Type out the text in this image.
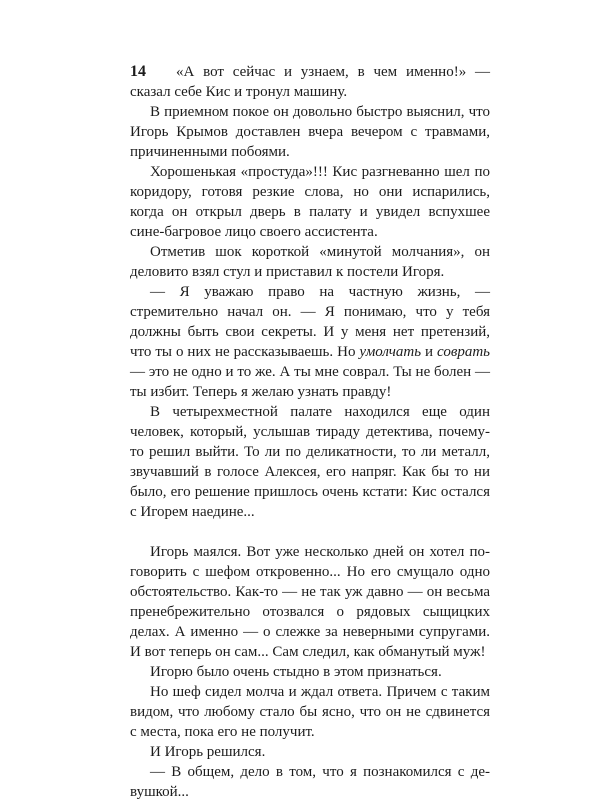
14	«А вот сейчас и узнаем, в чем именно!» — сказал себе Кис и тронул машину.

В приемном покое он довольно быстро выяснил, что Игорь Крымов доставлен вчера вечером с травмами, причиненными побоями.

Хорошенькая «простуда»!!! Кис разгневанно шел по коридору, готовя резкие слова, но они испарились, когда он открыл дверь в палату и увидел вспухшее сине-багровое лицо своего ассистента.

Отметив шок короткой «минутой молчания», он деловито взял стул и приставил к постели Игоря.

— Я уважаю право на частную жизнь, — стремительно начал он. — Я понимаю, что у тебя должны быть свои секреты. И у меня нет претензий, что ты о них не рассказываешь. Но умолчать и соврать — это не одно и то же. А ты мне соврал. Ты не болен — ты избит. Теперь я желаю узнать правду!

В четырехместной палате находился еще один человек, который, услышав тираду детектива, почему-то решил выйти. То ли по деликатности, то ли металл, звучавший в голосе Алексея, его напряг. Как бы то ни было, его решение пришлось очень кстати: Кис остался с Игорем наедине...

Игорь маялся. Вот уже несколько дней он хотел поговорить с шефом откровенно... Но его смущало одно обстоятельство. Как-то — не так уж давно — он весьма пренебрежительно отозвался о рядовых сыщицких делах. А именно — о слежке за неверными супругами. И вот теперь он сам... Сам следил, как обманутый муж!

Игорю было очень стыдно в этом признаться.

Но шеф сидел молча и ждал ответа. Причем с таким видом, что любому стало бы ясно, что он не сдвинется с места, пока его не получит.

И Игорь решился.

— В общем, дело в том, что я познакомился с девушкой...
